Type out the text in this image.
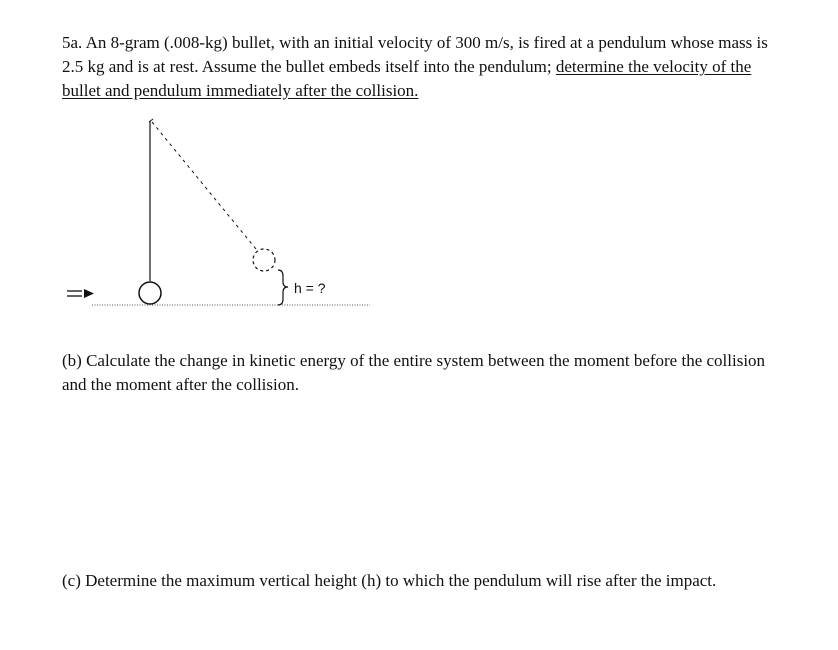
5a. An 8-gram (.008-kg) bullet, with an initial velocity of 300 m/s, is fired at a pendulum whose mass is 2.5 kg and is at rest. Assume the bullet embeds itself into the pendulum; determine the velocity of the bullet and pendulum immediately after the collision.

h = ?

(b) Calculate the change in kinetic energy of the entire system between the moment before the collision and the moment after the collision.

(c) Determine the maximum vertical height (h) to which the pendulum will rise after the impact.
